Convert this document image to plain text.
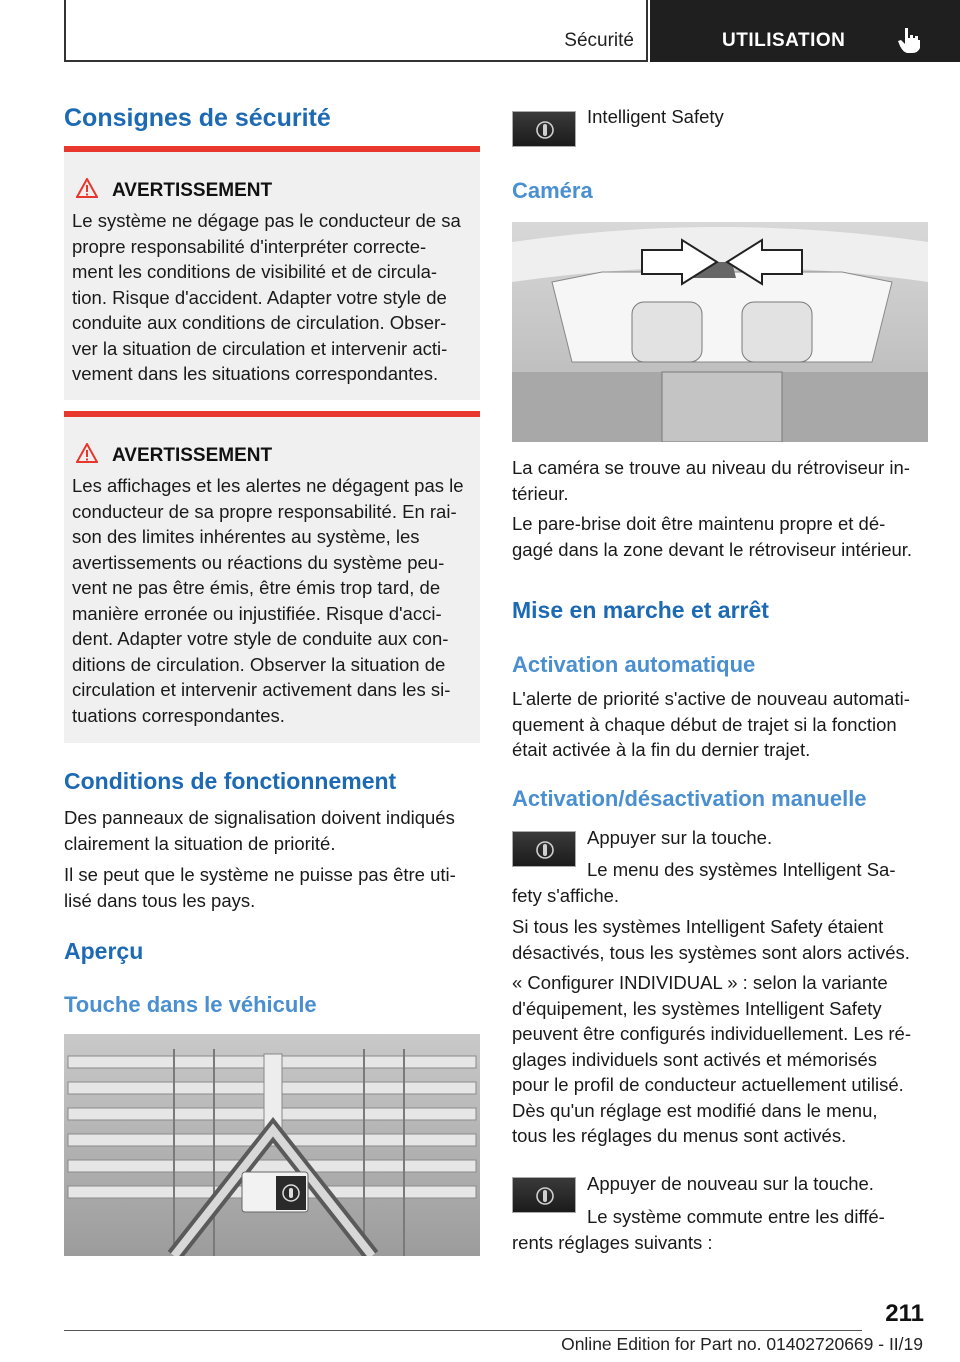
Sécurité	UTILISATION
Consignes de sécurité
AVERTISSEMENT
Le système ne dégage pas le conducteur de sa
propre responsabilité d'interpréter correcte‐
ment les conditions de visibilité et de circula‐
tion. Risque d'accident. Adapter votre style de
conduite aux conditions de circulation. Obser‐
ver la situation de circulation et intervenir acti‐
vement dans les situations correspondantes.
AVERTISSEMENT
Les affichages et les alertes ne dégagent pas le
conducteur de sa propre responsabilité. En rai‐
son des limites inhérentes au système, les
avertissements ou réactions du système peu‐
vent ne pas être émis, être émis trop tard, de
manière erronée ou injustifiée. Risque d'acci‐
dent. Adapter votre style de conduite aux con‐
ditions de circulation. Observer la situation de
circulation et intervenir activement dans les si‐
tuations correspondantes.
Conditions de fonctionnement
Des panneaux de signalisation doivent indiqués
clairement la situation de priorité.
Il se peut que le système ne puisse pas être uti‐
lisé dans tous les pays.
Aperçu
Touche dans le véhicule
Intelligent Safety
Caméra
La caméra se trouve au niveau du rétroviseur in‐
térieur.
Le pare-brise doit être maintenu propre et dé‐
gagé dans la zone devant le rétroviseur intérieur.
Mise en marche et arrêt
Activation automatique
L'alerte de priorité s'active de nouveau automati‐
quement à chaque début de trajet si la fonction
était activée à la fin du dernier trajet.
Activation/désactivation manuelle
Appuyer sur la touche.
Le menu des systèmes Intelligent Sa‐
fety s'affiche.
Si tous les systèmes Intelligent Safety étaient
désactivés, tous les systèmes sont alors activés.
« Configurer INDIVIDUAL » : selon la variante
d'équipement, les systèmes Intelligent Safety
peuvent être configurés individuellement. Les ré‐
glages individuels sont activés et mémorisés
pour le profil de conducteur actuellement utilisé.
Dès qu'un réglage est modifié dans le menu,
tous les réglages du menus sont activés.
Appuyer de nouveau sur la touche.
Le système commute entre les diffé‐
rents réglages suivants :
211
Online Edition for Part no. 01402720669 - II/19
